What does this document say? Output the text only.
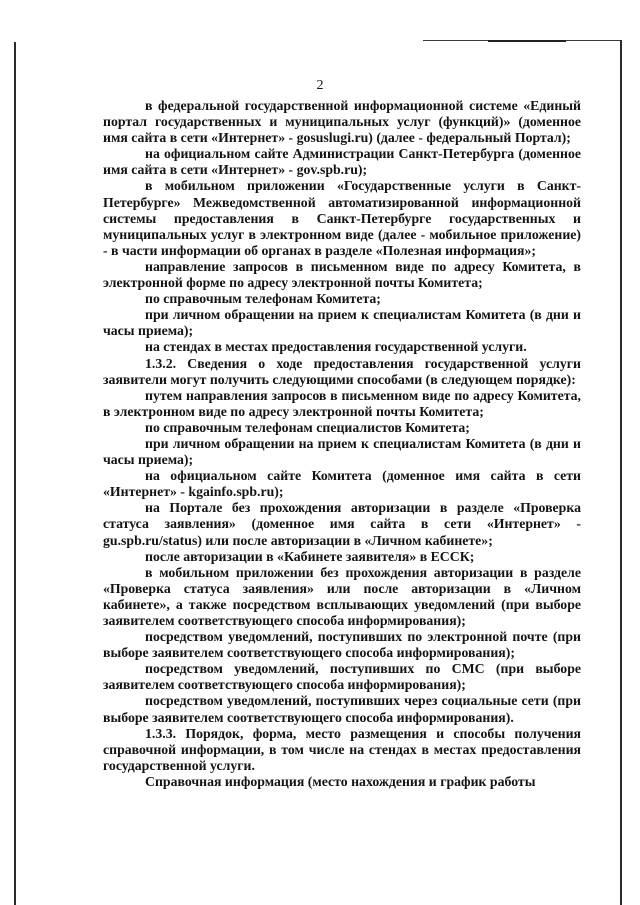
2

в федеральной государственной информационной системе «Единый портал государственных и муниципальных услуг (функций)» (доменное имя сайта в сети «Интернет» - gosuslugi.ru) (далее - федеральный Портал);

на официальном сайте Администрации Санкт-Петербурга (доменное имя сайта в сети «Интернет» - gov.spb.ru);

в мобильном приложении «Государственные услуги в Санкт-Петербурге» Межведомственной автоматизированной информационной системы предоставления в Санкт-Петербурге государственных и муниципальных услуг в электронном виде (далее - мобильное приложение) - в части информации об органах в разделе «Полезная информация»;

направление запросов в письменном виде по адресу Комитета, в электронной форме по адресу электронной почты Комитета;

по справочным телефонам Комитета;

при личном обращении на прием к специалистам Комитета (в дни и часы приема);

на стендах в местах предоставления государственной услуги.

1.3.2. Сведения о ходе предоставления государственной услуги заявители могут получить следующими способами (в следующем порядке):

путем направления запросов в письменном виде по адресу Комитета, в электронном виде по адресу электронной почты Комитета;

по справочным телефонам специалистов Комитета;

при личном обращении на прием к специалистам Комитета (в дни и часы приема);

на официальном сайте Комитета (доменное имя сайта в сети «Интернет» - kgainfo.spb.ru);

на Портале без прохождения авторизации в разделе «Проверка статуса заявления» (доменное имя сайта в сети «Интернет» - gu.spb.ru/status) или после авторизации в «Личном кабинете»;

после авторизации в «Кабинете заявителя» в ЕССК;

в мобильном приложении без прохождения авторизации в разделе «Проверка статуса заявления» или после авторизации в «Личном кабинете», а также посредством всплывающих уведомлений (при выборе заявителем соответствующего способа информирования);

посредством уведомлений, поступивших по электронной почте (при выборе заявителем соответствующего способа информирования);

посредством уведомлений, поступивших по СМС (при выборе заявителем соответствующего способа информирования);

посредством уведомлений, поступивших через социальные сети (при выборе заявителем соответствующего способа информирования).

1.3.3. Порядок, форма, место размещения и способы получения справочной информации, в том числе на стендах в местах предоставления государственной услуги.

Справочная информация (место нахождения и график работы
